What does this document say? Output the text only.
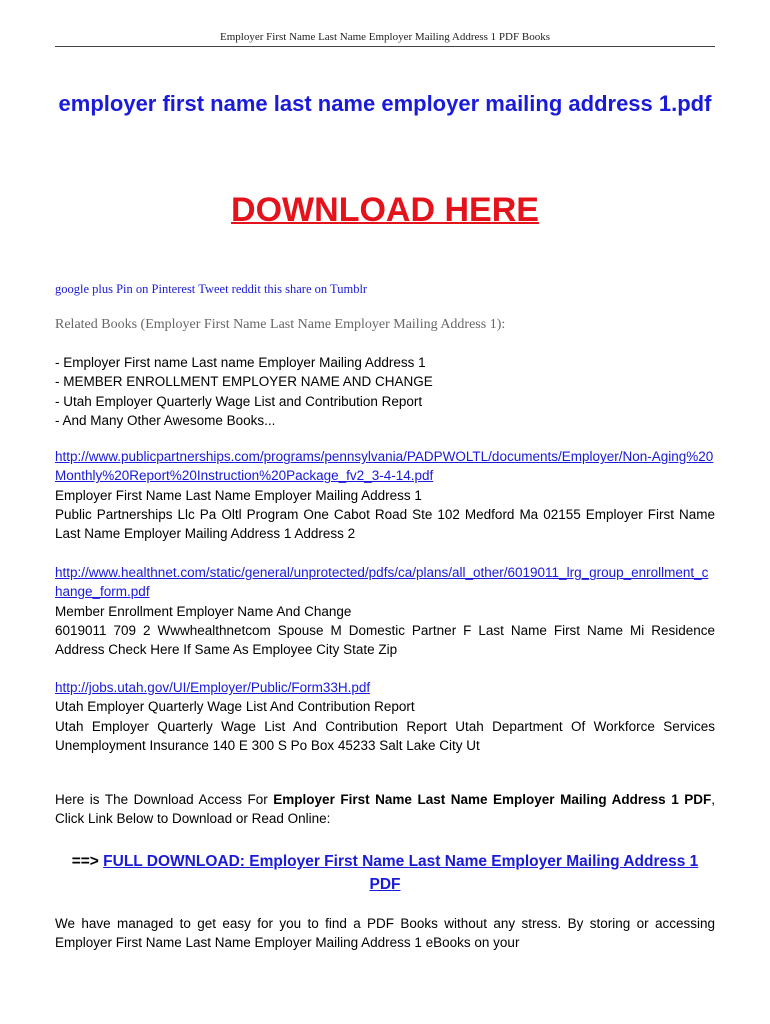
Employer First Name Last Name Employer Mailing Address 1 PDF Books
employer first name last name employer mailing address 1.pdf
DOWNLOAD HERE
google plus Pin on Pinterest Tweet reddit this share on Tumblr
Related Books (Employer First Name Last Name Employer Mailing Address 1):
- Employer First name Last name Employer Mailing Address 1
- MEMBER ENROLLMENT EMPLOYER NAME AND CHANGE
- Utah Employer Quarterly Wage List and Contribution Report
- And Many Other Awesome Books...
http://www.publicpartnerships.com/programs/pennsylvania/PADPWOLTL/documents/Employer/Non-Aging%20Monthly%20Report%20Instruction%20Package_fv2_3-4-14.pdf
Employer First Name Last Name Employer Mailing Address 1
Public Partnerships Llc Pa Oltl Program One Cabot Road Ste 102 Medford Ma 02155 Employer First Name Last Name Employer Mailing Address 1 Address 2
http://www.healthnet.com/static/general/unprotected/pdfs/ca/plans/all_other/6019011_lrg_group_enrollment_change_form.pdf
Member Enrollment Employer Name And Change
6019011 709 2 Wwwhealthnetcom Spouse M Domestic Partner F Last Name First Name Mi Residence Address Check Here If Same As Employee City State Zip
http://jobs.utah.gov/UI/Employer/Public/Form33H.pdf
Utah Employer Quarterly Wage List And Contribution Report
Utah Employer Quarterly Wage List And Contribution Report Utah Department Of Workforce Services Unemployment Insurance 140 E 300 S Po Box 45233 Salt Lake City Ut
Here is The Download Access For Employer First Name Last Name Employer Mailing Address 1 PDF, Click Link Below to Download or Read Online:
==> FULL DOWNLOAD: Employer First Name Last Name Employer Mailing Address 1 PDF
We have managed to get easy for you to find a PDF Books without any stress. By storing or accessing Employer First Name Last Name Employer Mailing Address 1 eBooks on your
